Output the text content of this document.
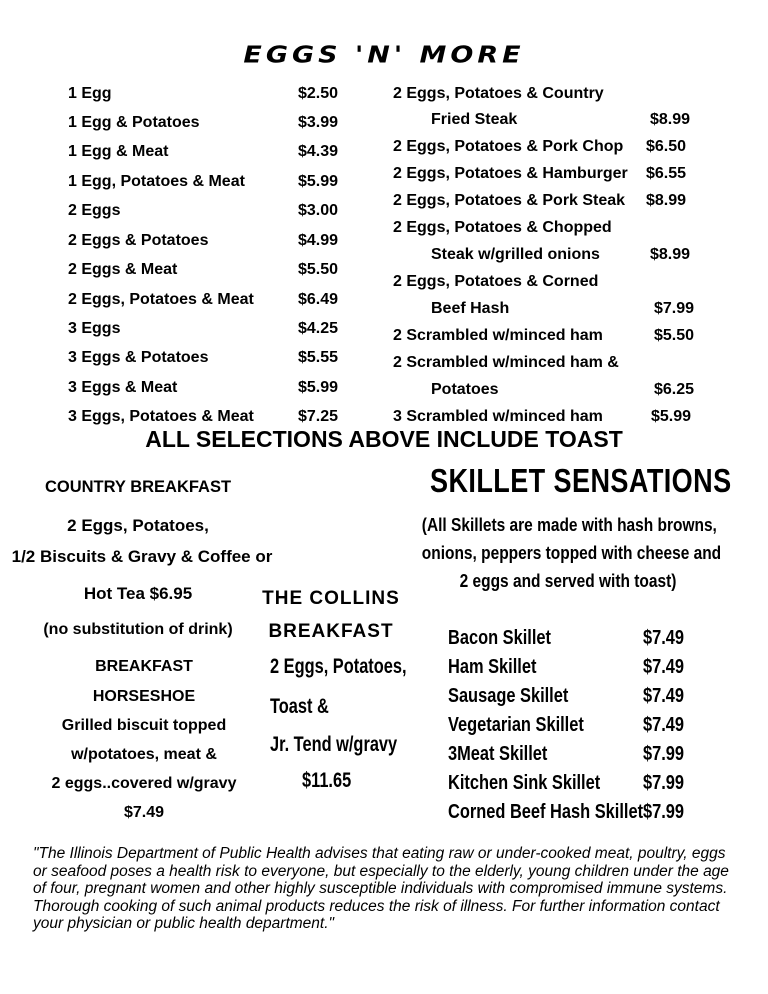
EGGS 'N' MORE
1 Egg	$2.50
1 Egg & Potatoes	$3.99
1 Egg & Meat	$4.39
1 Egg, Potatoes & Meat	$5.99
2 Eggs	$3.00
2 Eggs & Potatoes	$4.99
2 Eggs & Meat	$5.50
2 Eggs, Potatoes & Meat	$6.49
3 Eggs	$4.25
3 Eggs & Potatoes	$5.55
3 Eggs & Meat	$5.99
3 Eggs, Potatoes & Meat	$7.25
2 Eggs, Potatoes & Country
Fried Steak	$8.99
2 Eggs, Potatoes & Pork Chop $6.50
2 Eggs, Potatoes & Hamburger $6.55
2 Eggs, Potatoes & Pork Steak $8.99
2 Eggs, Potatoes & Chopped
Steak w/grilled onions	$8.99
2 Eggs, Potatoes & Corned
Beef Hash	$7.99
2 Scrambled w/minced ham	$5.50
2 Scrambled w/minced ham &
Potatoes	$6.25
3 Scrambled w/minced ham	$5.99
ALL SELECTIONS ABOVE INCLUDE TOAST
COUNTRY BREAKFAST
2 Eggs, Potatoes,
1/2 Biscuits & Gravy & Coffee or
Hot Tea $6.95
(no substitution of drink)
BREAKFAST
HORSESHOE
Grilled biscuit topped
w/potatoes, meat &
2 eggs..covered w/gravy
$7.49
THE COLLINS
BREAKFAST
2 Eggs, Potatoes,
Toast &
Jr. Tend w/gravy
$11.65
SKILLET SENSATIONS
(All Skillets are made with hash browns,
onions, peppers topped with cheese and
2 eggs and served with toast)
Bacon Skillet	$7.49
Ham Skillet	$7.49
Sausage Skillet	$7.49
Vegetarian Skillet	$7.49
3Meat Skillet	$7.99
Kitchen Sink Skillet $7.99
Corned Beef Hash Skillet $7.99
"The Illinois Department of Public Health advises that eating raw or under-cooked meat, poultry, eggs or seafood poses a health risk to everyone, but especially to the elderly, young children under the age of four, pregnant women and other highly susceptible individuals with compromised immune systems. Thorough cooking of such animal products reduces the risk of illness. For further information contact your physician or public health department."
